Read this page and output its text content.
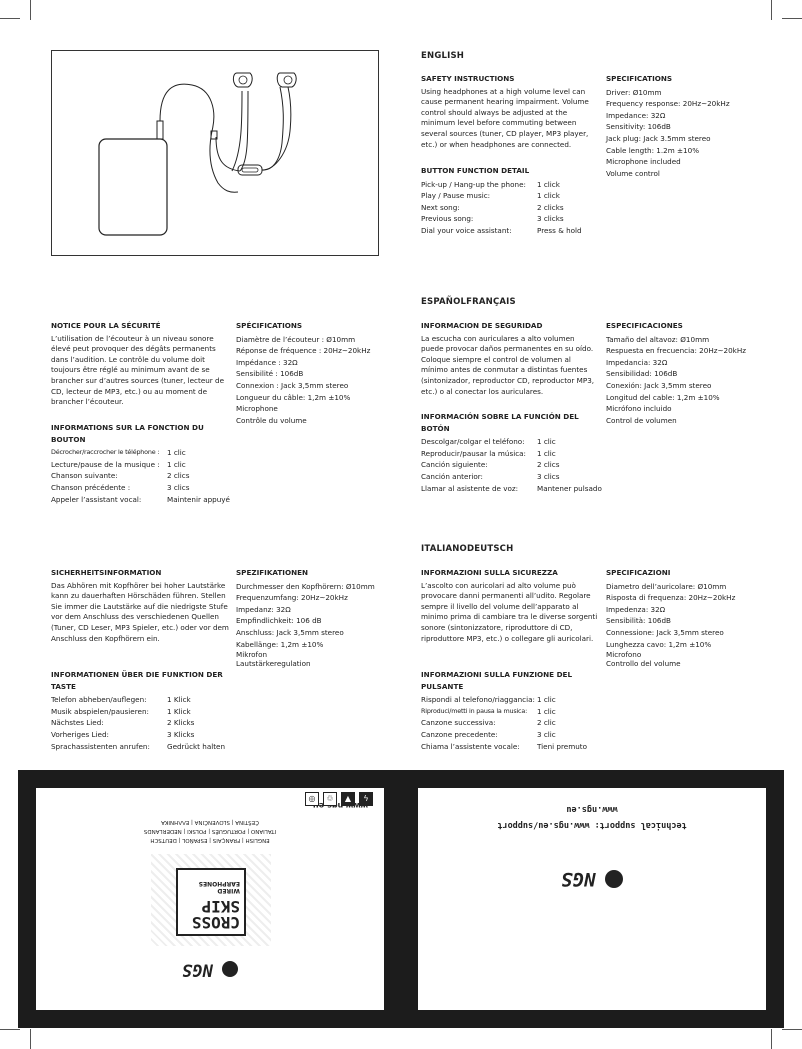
ENGLISH
SAFETY INSTRUCTIONS
Using headphones at a high volume level can cause permanent hearing impairment. Volume control should always be adjusted at the minimum level before commuting between several sources (tuner, CD player, MP3 player, etc.) or when headphones are connected.
BUTTON FUNCTION DETAIL
Pick-up / Hang-up the phone:	1 click
Play / Pause music:	1 click
Next song:	2 clicks
Previous song:	3 clicks
Dial your voice assistant:	Press & hold
SPECIFICATIONS
Driver: Ø10mm
Frequency response: 20Hz~20kHz
Impedance: 32Ω
Sensitivity: 106dB
Jack plug: Jack 3.5mm stereo
Cable length: 1.2m ±10%
Microphone included
Volume control
ESPAÑOLFRANÇAIS
NOTICE POUR LA SÉCURITÉ
L’utilisation de l’écouteur à un niveau sonore élevé peut provoquer des dégâts permanents dans l’audition. Le contrôle du volume doit toujours être réglé au minimum avant de se brancher sur d’autres sources (tuner, lecteur de CD, lecteur de MP3, etc.) ou au moment de brancher l’écouteur.
INFORMATIONS SUR LA FONCTION DU BOUTON
Décrocher/raccrocher le téléphone :	1 clic
Lecture/pause de la musique :	1 clic
Chanson suivante:	2 clics
Chanson précédente :	3 clics
Appeler l’assistant vocal:	Maintenir appuyé
SPÉCIFICATIONS
Diamètre de l’écouteur : Ø10mm
Réponse de fréquence : 20Hz~20kHz
Impédance : 32Ω
Sensibilité : 106dB
Connexion : Jack 3,5mm stereo
Longueur du câble: 1,2m ±10%
Microphone
Contrôle du volume
INFORMACION DE SEGURIDAD
La escucha con auriculares a alto volumen puede provocar daños permanentes en su oído. Coloque siempre el control de volumen al mínimo antes de conmutar a distintas fuentes (sintonizador, reproductor CD, reproductor MP3, etc.) o al conectar los auriculares.
INFORMACIÓN SOBRE LA FUNCIÓN DEL BOTÓN
Descolgar/colgar el teléfono:	1 clic
Reproducir/pausar la música:	1 clic
Canción siguiente:	2 clics
Canción anterior:	3 clics
Llamar al asistente de voz:	Mantener pulsado
ESPECIFICACIONES
Tamaño del altavoz: Ø10mm
Respuesta en frecuencia: 20Hz~20kHz
Impedancia: 32Ω
Sensibilidad: 106dB
Conexión: Jack 3,5mm stereo
Longitud del cable: 1,2m ±10%
Micrófono incluido
Control de volumen
ITALIANODEUTSCH
SICHERHEITSINFORMATION
Das Abhören mit Kopfhörer bei hoher Lautstärke kann zu dauerhaften Hörschäden führen. Stellen Sie immer die Lautstärke auf die niedrigste Stufe vor dem Anschluss des verschiedenen Quellen (Tuner, CD Leser, MP3 Spieler, etc.) oder vor dem Anschluss den Kopfhörern ein.
INFORMATIONEN ÜBER DIE FUNKTION DER TASTE
Telefon abheben/auflegen:	1 Klick
Musik abspielen/pausieren:	1 Klick
Nächstes Lied:	2 Klicks
Vorheriges Lied:	3 Klicks
Sprachassistenten anrufen:	Gedrückt halten
SPEZIFIKATIONEN
Durchmesser den Kopfhörern: Ø10mm
Frequenzumfang: 20Hz~20kHz
Impedanz: 32Ω
Empfindlichkeit: 106 dB
Anschluss: Jack 3,5mm stereo
Kabellänge: 1,2m ±10%
Mikrofon
Lautstärkeregulation
INFORMAZIONI SULLA SICUREZZA
L’ascolto con auricolari ad alto volume può provocare danni permanenti all’udito. Regolare sempre il livello del volume dell’apparato al minimo prima di cambiare tra le diverse sorgenti sonore (sintonizzatore, riproduttore di CD, riproduttore MP3, etc.) o collegare gli auricolari.
INFORMAZIONI SULLA FUNZIONE DEL PULSANTE
Rispondi al telefono/riaggancia: 1 clic
Riproduci/metti in pausa la musica:	1 clic
Canzone successiva:	2 clic
Canzone precedente:	3 clic
Chiama l’assistente vocale:	Tieni premuto
SPECIFICAZIONI
Diametro dell’auricolare: Ø10mm
Risposta di frequenza: 20Hz~20kHz
Impedenza: 32Ω
Sensibilità: 106dB
Connessione: Jack 3,5mm stereo
Lunghezza cavo: 1,2m ±10%
Microfono
Controllo del volume
NGS
CROSS
SKIP
WIRED
EARPHONES
ENGLISH | FRANÇAIS | ESPAÑOL | DEUTSCH
ITALIANO | PORTUGUÊS | POLSKI | NEDERLANDS
ČEŠTINA | SLOVENČINA | ΕΛΛΗΝΙΚΑ
◎	♲	▲	ϟ
NGS
technical support: www.ngs.eu/support
www.ngs.eu
